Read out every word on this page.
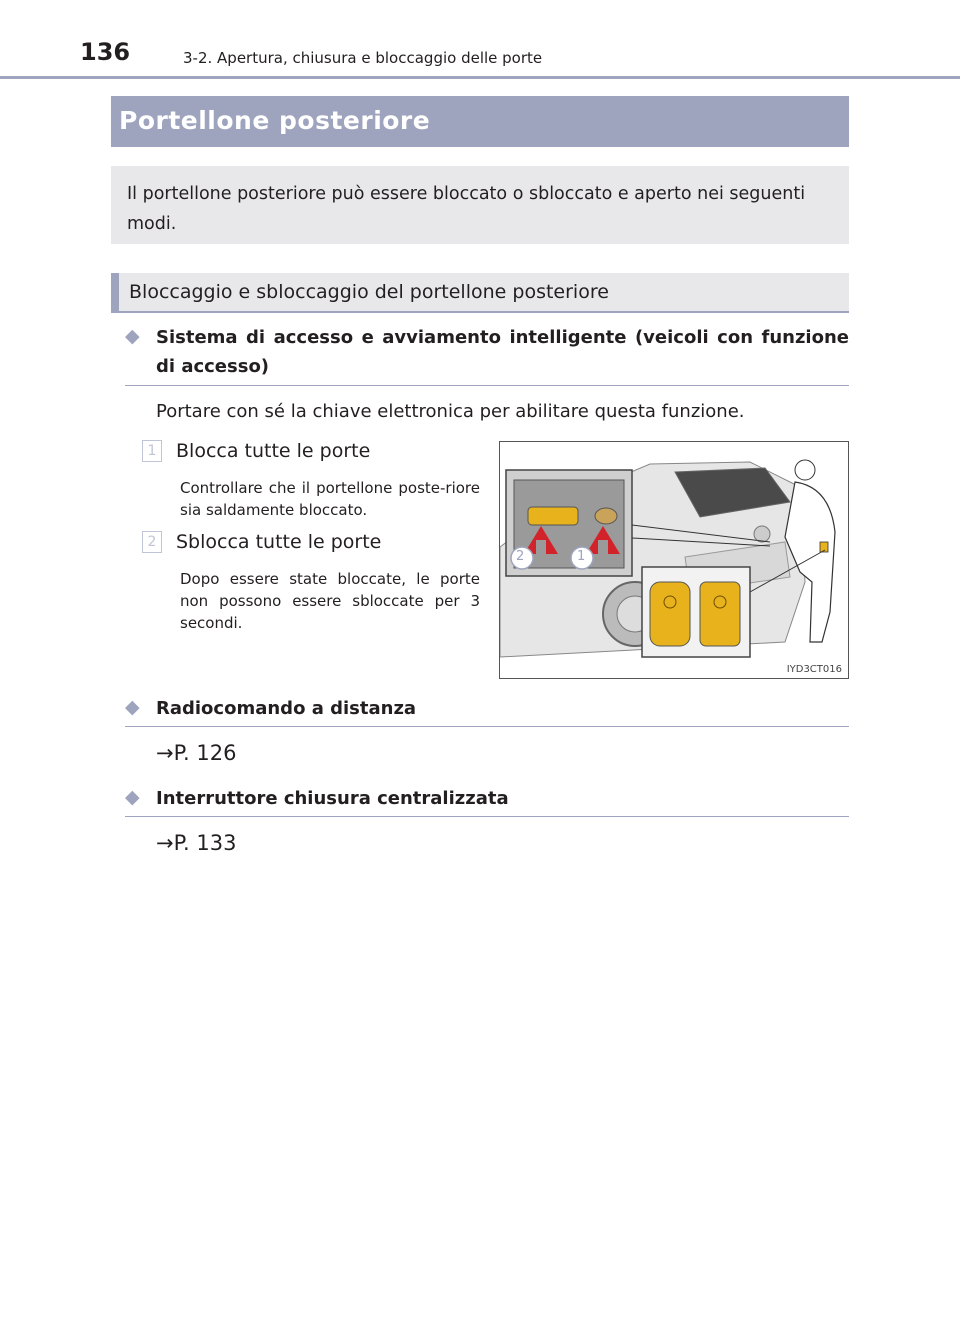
136	3-2. Apertura, chiusura e bloccaggio delle porte
Portellone posteriore

Il portellone posteriore può essere bloccato o sbloccato e aperto nei seguenti modi.

Bloccaggio e sbloccaggio del portellone posteriore
◆ Sistema di accesso e avviamento intelligente (veicoli con funzione di accesso)
Portare con sé la chiave elettronica per abilitare questa funzione.
1 Blocca tutte le porte
Controllare che il portellone poste-riore sia saldamente bloccato.
2 Sblocca tutte le porte
Dopo essere state bloccate, le porte non possono essere sbloccate per 3 secondi.
2	1
IYD3CT016
◆ Radiocomando a distanza
→P. 126
◆ Interruttore chiusura centralizzata
→P. 133
